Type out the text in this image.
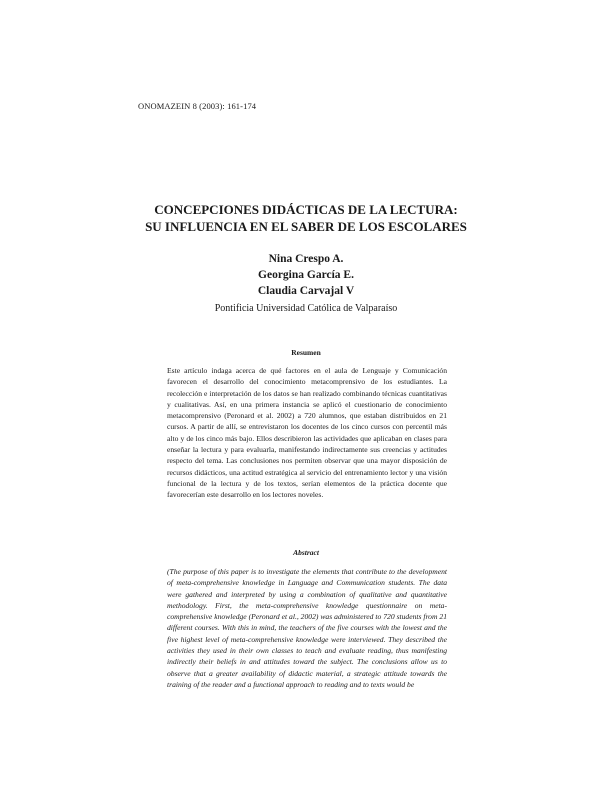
ONOMAZEIN 8 (2003): 161-174
CONCEPCIONES DIDÁCTICAS DE LA LECTURA:
SU INFLUENCIA EN EL SABER DE LOS ESCOLARES
Nina Crespo A.
Georgina García E.
Claudia Carvajal V
Pontificia Universidad Católica de Valparaíso
Resumen

Este artículo indaga acerca de qué factores en el aula de Lenguaje y Comunicación favorecen el desarrollo del conocimiento metacomprensivo de los estudiantes. La recolección e interpretación de los datos se han realizado combinando técnicas cuantitativas y cualitativas. Así, en una primera instancia se aplicó el cuestionario de conocimiento metacomprensivo (Peronard et al. 2002) a 720 alumnos, que estaban distribuidos en 21 cursos. A partir de allí, se entrevistaron los docentes de los cinco cursos con percentil más alto y de los cinco más bajo. Ellos describieron las actividades que aplicaban en clases para enseñar la lectura y para evaluarla, manifestando indirectamente sus creencias y actitudes respecto del tema. Las conclusiones nos permiten observar que una mayor disposición de recursos didácticos, una actitud estratégica al servicio del entrenamiento lector y una visión funcional de la lectura y de los textos, serían elementos de la práctica docente que favorecerían este desarrollo en los lectores noveles.

Abstract

(The purpose of this paper is to investigate the elements that contribute to the development of meta-comprehensive knowledge in Language and Communication students. The data were gathered and interpreted by using a combination of qualitative and quantitative methodology. First, the meta-comprehensive knowledge questionnaire on meta-comprehensive knowledge (Peronard et al., 2002) was administered to 720 students from 21 different courses. With this in mind, the teachers of the five courses with the lowest and the five highest level of meta-comprehensive knowledge were interviewed. They described the activities they used in their own classes to teach and evaluate reading, thus manifesting indirectly their beliefs in and attitudes toward the subject. The conclusions allow us to observe that a greater availability of didactic material, a strategic attitude towards the training of the reader and a functional approach to reading and to texts would be
